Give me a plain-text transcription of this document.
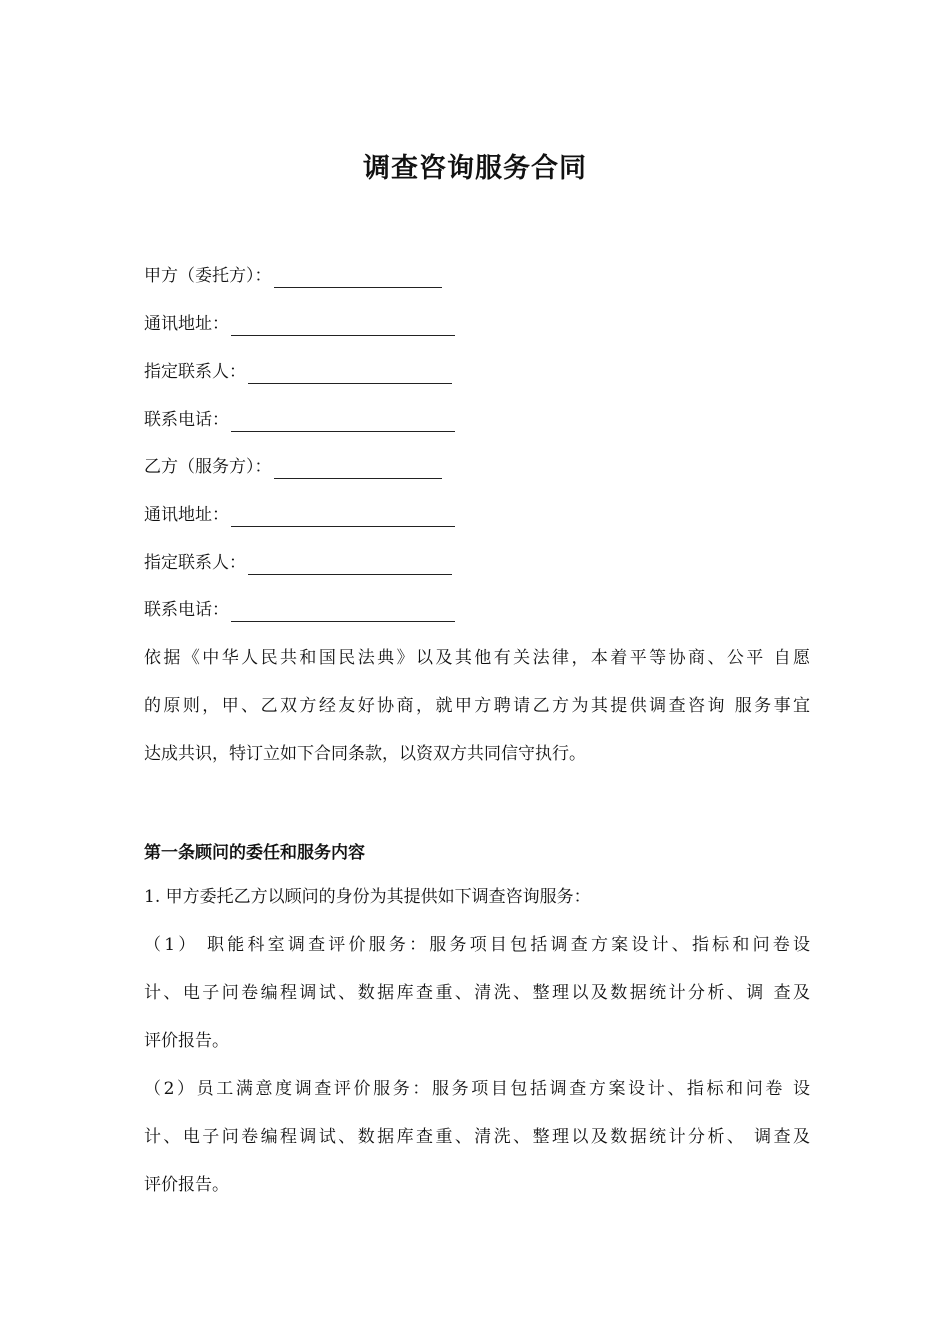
调查咨询服务合同
甲方（委托方）：
通讯地址：
指定联系人：
联系电话：
乙方（服务方）：
通讯地址：
指定联系人：
联系电话：
依据《中华人民共和国民法典》以及其他有关法律，本着平等协商、公平 自愿
的原则，甲、乙双方经友好协商，就甲方聘请乙方为其提供调查咨询 服务事宜
达成共识，特订立如下合同条款，以资双方共同信守执行。
第一条顾问的委任和服务内容
1. 甲方委托乙方以顾问的身份为其提供如下调查咨询服务：
（1） 职能科室调查评价服务：服务项目包括调查方案设计、指标和问卷设
计、电子问卷编程调试、数据库查重、清洗、整理以及数据统计分析、调 查及
评价报告。
（2）员工满意度调查评价服务：服务项目包括调查方案设计、指标和问卷 设
计、电子问卷编程调试、数据库查重、清洗、整理以及数据统计分析、 调查及
评价报告。
